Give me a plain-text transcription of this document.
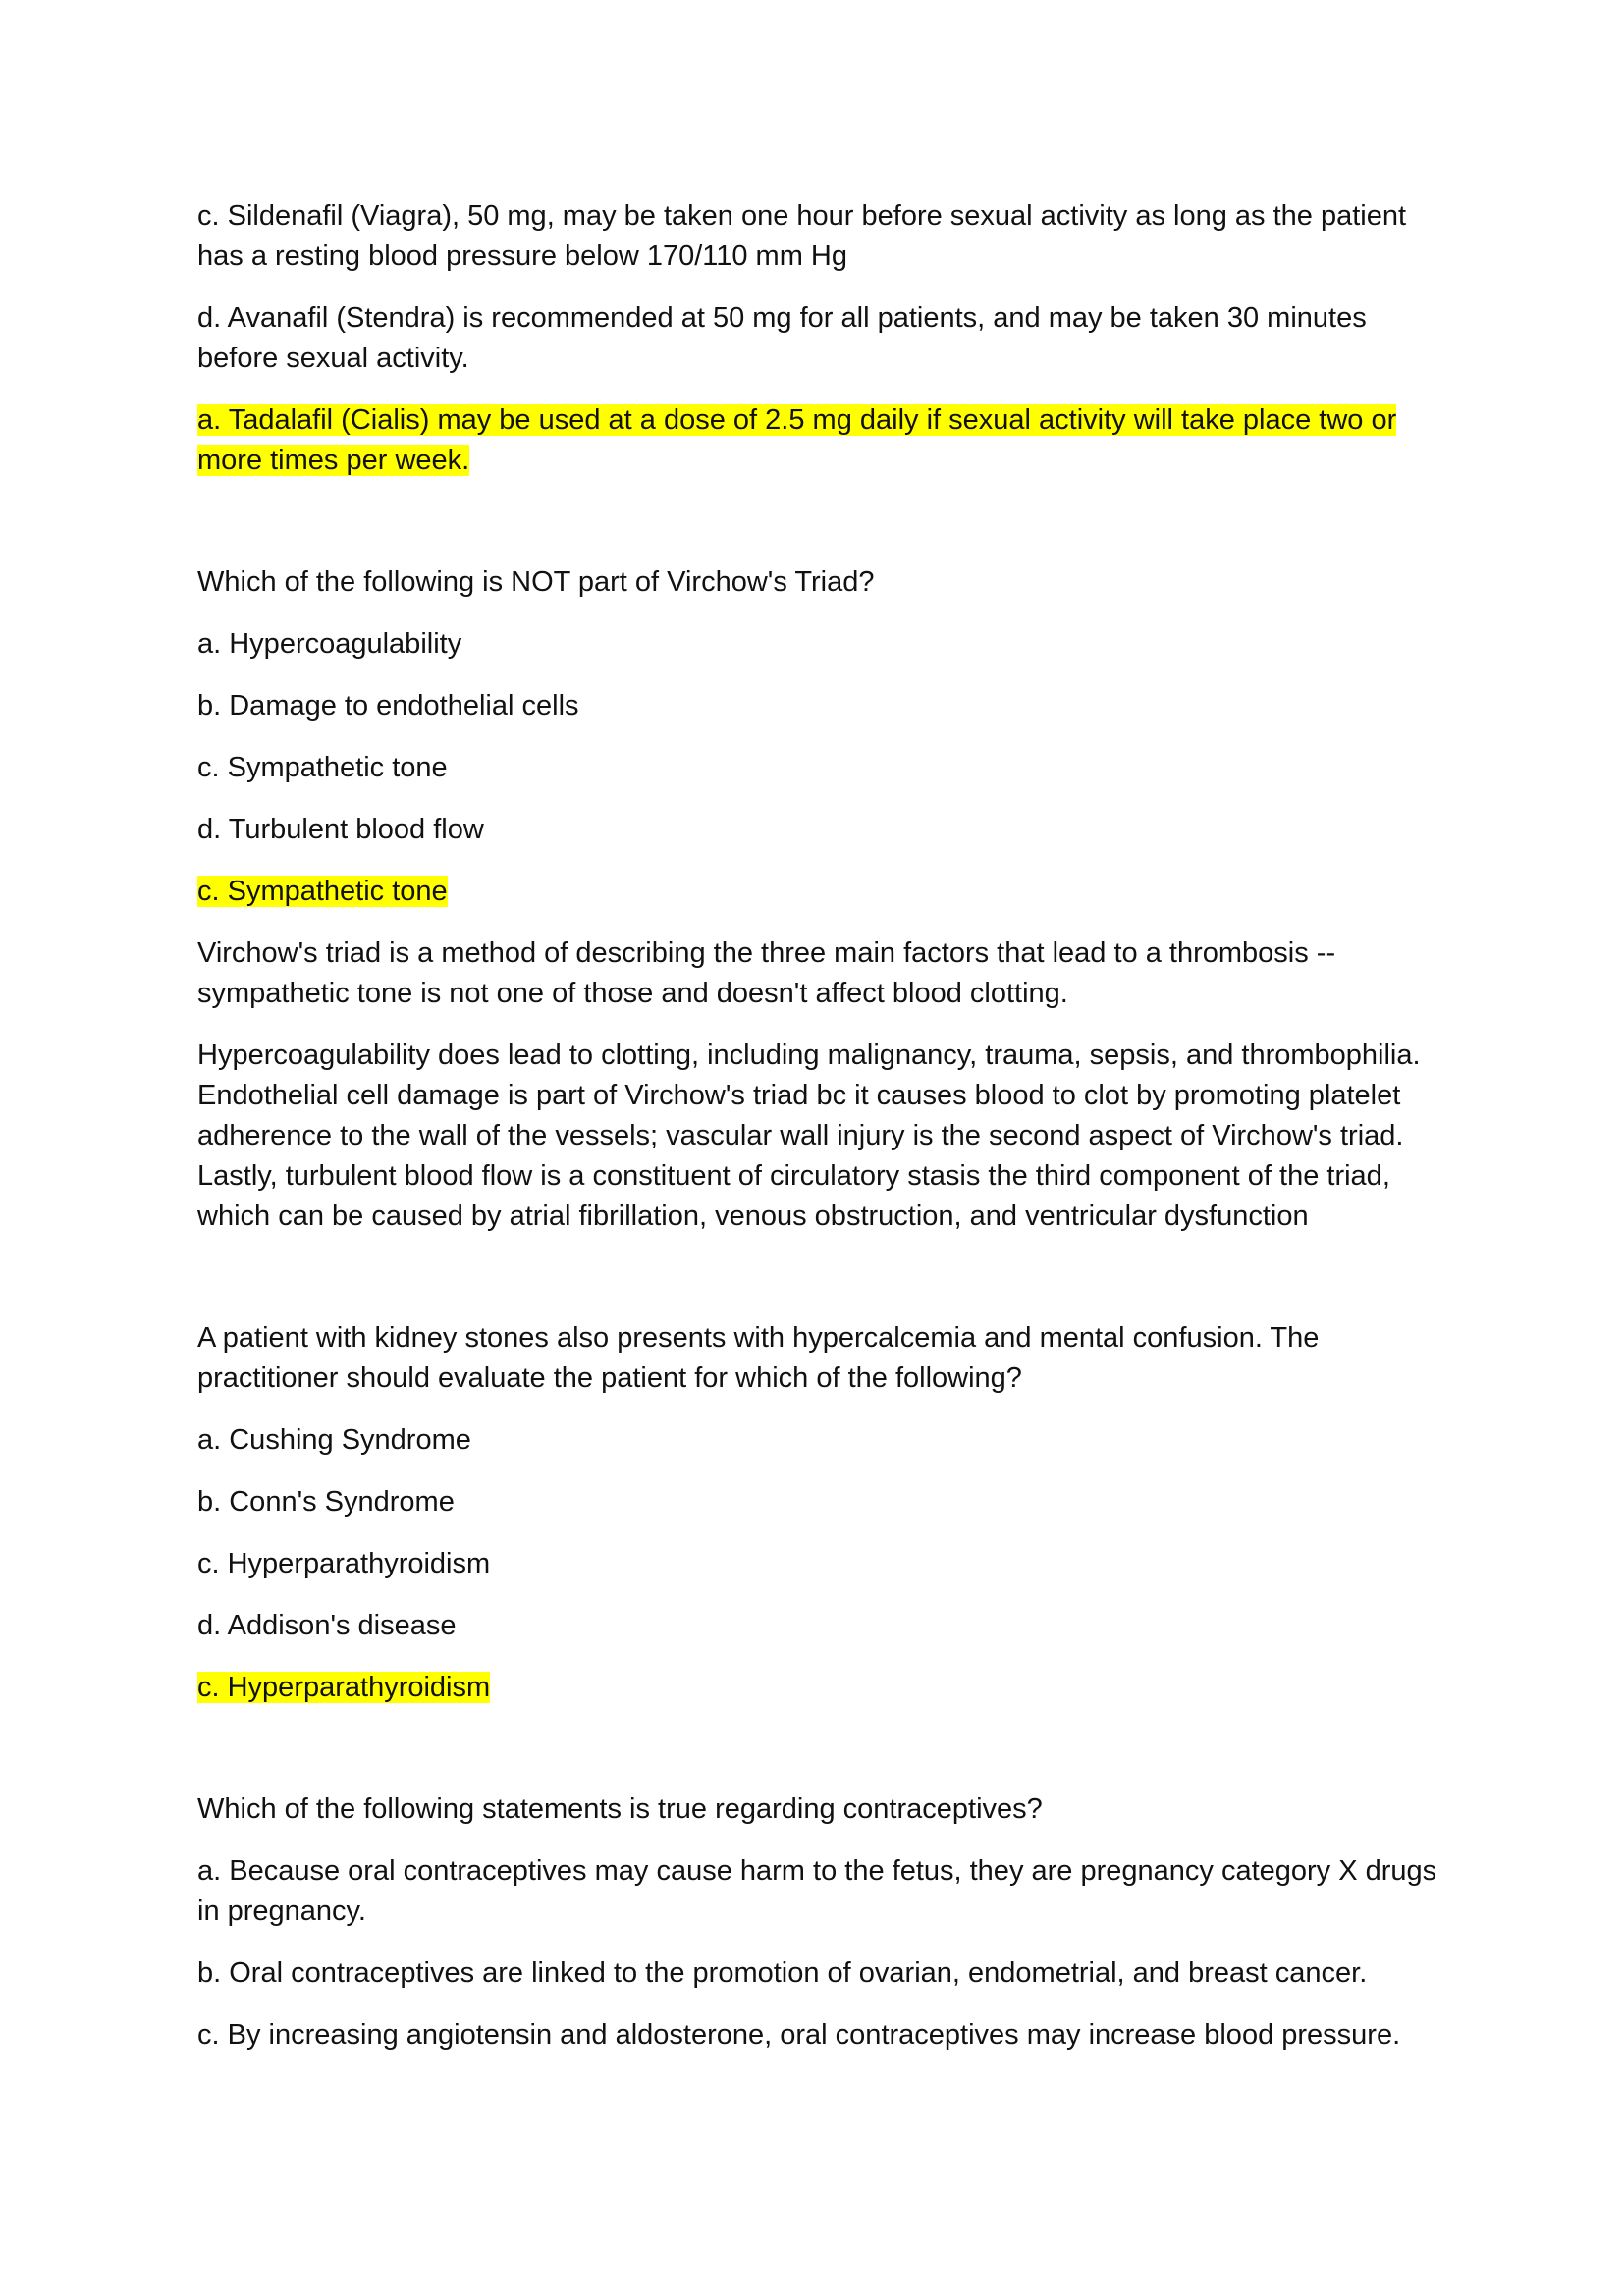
c. Sildenafil (Viagra), 50 mg, may be taken one hour before sexual activity as long as the patient has a resting blood pressure below 170/110 mm Hg

d. Avanafil (Stendra) is recommended at 50 mg for all patients, and may be taken 30 minutes before sexual activity.

a. Tadalafil (Cialis) may be used at a dose of 2.5 mg daily if sexual activity will take place two or more times per week.

Which of the following is NOT part of Virchow's Triad?

a. Hypercoagulability

b. Damage to endothelial cells

c. Sympathetic tone

d. Turbulent blood flow

c. Sympathetic tone

Virchow's triad is a method of describing the three main factors that lead to a thrombosis -- sympathetic tone is not one of those and doesn't affect blood clotting.

Hypercoagulability does lead to clotting, including malignancy, trauma, sepsis, and thrombophilia. Endothelial cell damage is part of Virchow's triad bc it causes blood to clot by promoting platelet adherence to the wall of the vessels; vascular wall injury is the second aspect of Virchow's triad. Lastly, turbulent blood flow is a constituent of circulatory stasis the third component of the triad, which can be caused by atrial fibrillation, venous obstruction, and ventricular dysfunction

A patient with kidney stones also presents with hypercalcemia and mental confusion. The practitioner should evaluate the patient for which of the following?

a. Cushing Syndrome

b. Conn's Syndrome

c. Hyperparathyroidism

d. Addison's disease

c. Hyperparathyroidism

Which of the following statements is true regarding contraceptives?

a. Because oral contraceptives may cause harm to the fetus, they are pregnancy category X drugs in pregnancy.

b. Oral contraceptives are linked to the promotion of ovarian, endometrial, and breast cancer.

c. By increasing angiotensin and aldosterone, oral contraceptives may increase blood pressure.
